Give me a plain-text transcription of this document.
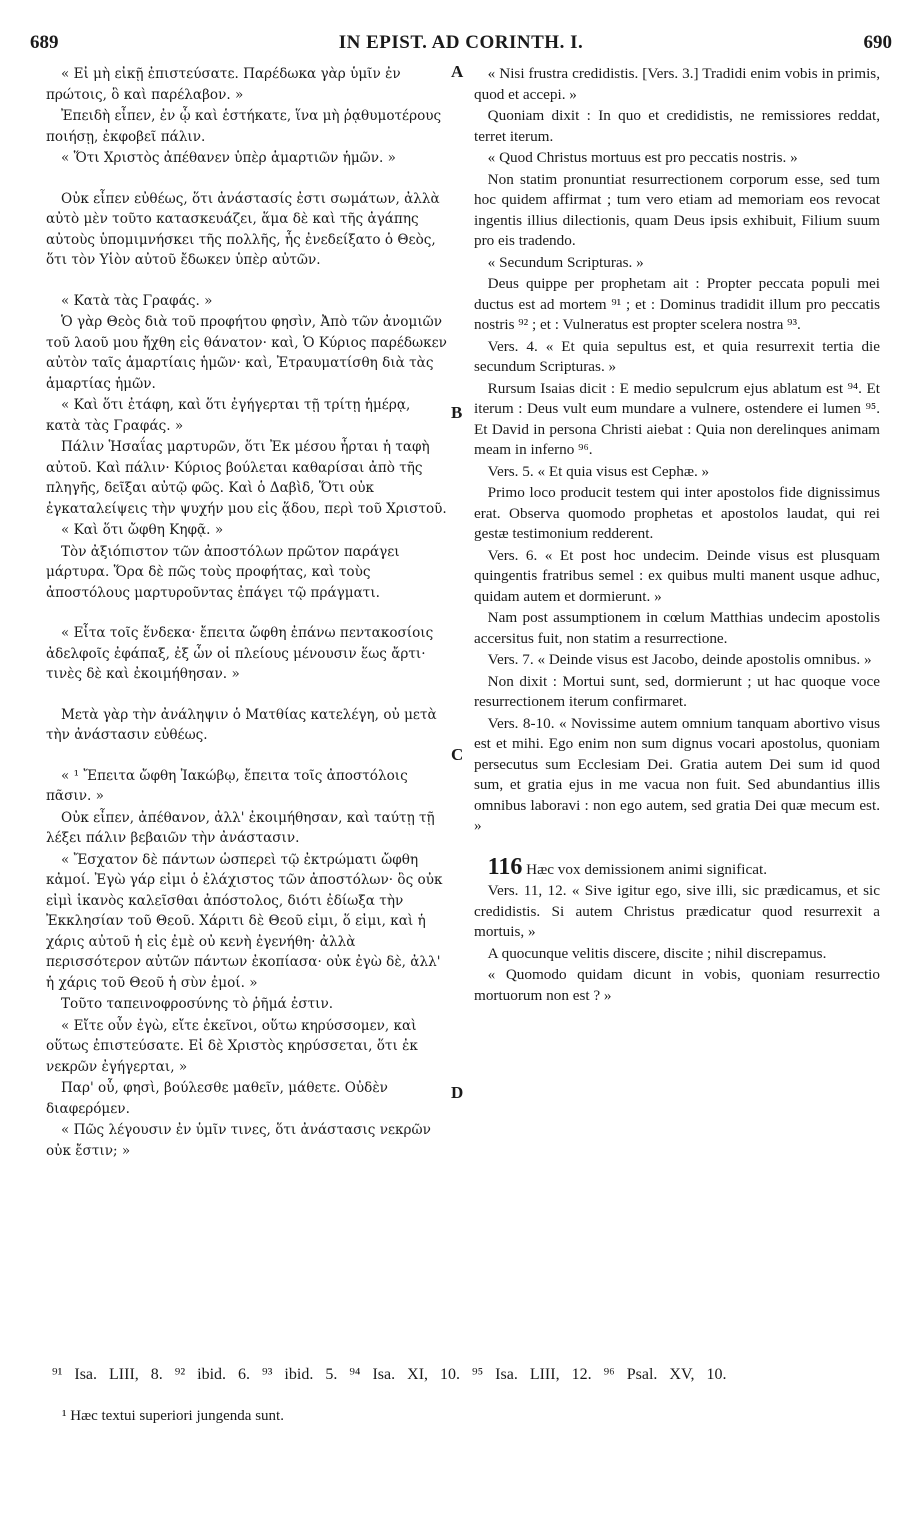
689	IN EPIST. AD CORINTH. I.	690
A
B
C
D

« Εἰ μὴ εἰκῇ ἐπιστεύσατε. Παρέδωκα γὰρ ὑμῖν ἐν πρώτοις, ὃ καὶ παρέλαβον. »

Ἐπειδὴ εἶπεν, ἐν ᾧ καὶ ἑστήκατε, ἵνα μὴ ῥᾳθυμοτέρους ποιήσῃ, ἐκφοβεῖ πάλιν.

« Ὅτι Χριστὸς ἀπέθανεν ὑπὲρ ἁμαρτιῶν ἡμῶν. »

Οὐκ εἶπεν εὐθέως, ὅτι ἀνάστασίς ἐστι σωμάτων, ἀλλὰ αὐτὸ μὲν τοῦτο κατασκευάζει, ἅμα δὲ καὶ τῆς ἀγάπης αὐτοὺς ὑπομιμνήσκει τῆς πολλῆς, ἧς ἐνεδείξατο ὁ Θεὸς, ὅτι τὸν Υἱὸν αὐτοῦ ἔδωκεν ὑπὲρ αὐτῶν.

« Κατὰ τὰς Γραφάς. »

Ὁ γὰρ Θεὸς διὰ τοῦ προφήτου φησὶν, Ἀπὸ τῶν ἀνομιῶν τοῦ λαοῦ μου ἤχθη εἰς θάνατον· καὶ, Ὁ Κύριος παρέδωκεν αὐτὸν ταῖς ἁμαρτίαις ἡμῶν· καὶ, Ἐτραυματίσθη διὰ τὰς ἁμαρτίας ἡμῶν.

« Καὶ ὅτι ἐτάφη, καὶ ὅτι ἐγήγερται τῇ τρίτῃ ἡμέρᾳ, κατὰ τὰς Γραφάς. »

Πάλιν Ἡσαΐας μαρτυρῶν, ὅτι Ἐκ μέσου ἦρται ἡ ταφὴ αὐτοῦ. Καὶ πάλιν· Κύριος βούλεται καθαρίσαι ἀπὸ τῆς πληγῆς, δεῖξαι αὐτῷ φῶς. Καὶ ὁ Δαβὶδ, Ὅτι οὐκ ἐγκαταλείψεις τὴν ψυχήν μου εἰς ᾅδου, περὶ τοῦ Χριστοῦ.

« Καὶ ὅτι ὤφθη Κηφᾷ. »

Τὸν ἀξιόπιστον τῶν ἀποστόλων πρῶτον παράγει μάρτυρα. Ὅρα δὲ πῶς τοὺς προφήτας, καὶ τοὺς ἀποστόλους μαρτυροῦντας ἐπάγει τῷ πράγματι.

« Εἶτα τοῖς ἕνδεκα· ἔπειτα ὤφθη ἐπάνω πεντακοσίοις ἀδελφοῖς ἐφάπαξ, ἐξ ὧν οἱ πλείους μένουσιν ἕως ἄρτι· τινὲς δὲ καὶ ἐκοιμήθησαν. »

Μετὰ γὰρ τὴν ἀνάληψιν ὁ Ματθίας κατελέγη, οὐ μετὰ τὴν ἀνάστασιν εὐθέως.

« ¹ Ἔπειτα ὤφθη Ἰακώβῳ, ἔπειτα τοῖς ἀποστόλοις πᾶσιν. »

Οὐκ εἶπεν, ἀπέθανον, ἀλλ' ἐκοιμήθησαν, καὶ ταύτῃ τῇ λέξει πάλιν βεβαιῶν τὴν ἀνάστασιν.

« Ἔσχατον δὲ πάντων ὡσπερεὶ τῷ ἐκτρώματι ὤφθη κἀμοί. Ἐγὼ γάρ εἰμι ὁ ἐλάχιστος τῶν ἀποστόλων· ὃς οὐκ εἰμὶ ἱκανὸς καλεῖσθαι ἀπόστολος, διότι ἐδίωξα τὴν Ἐκκλησίαν τοῦ Θεοῦ. Χάριτι δὲ Θεοῦ εἰμι, ὅ εἰμι, καὶ ἡ χάρις αὐτοῦ ἡ εἰς ἐμὲ οὐ κενὴ ἐγενήθη· ἀλλὰ περισσότερον αὐτῶν πάντων ἐκοπίασα· οὐκ ἐγὼ δὲ, ἀλλ' ἡ χάρις τοῦ Θεοῦ ἡ σὺν ἐμοί. »

Τοῦτο ταπεινοφροσύνης τὸ ῥῆμά ἐστιν.

« Εἴτε οὖν ἐγὼ, εἴτε ἐκεῖνοι, οὕτω κηρύσσομεν, καὶ οὕτως ἐπιστεύσατε. Εἰ δὲ Χριστὸς κηρύσσεται, ὅτι ἐκ νεκρῶν ἐγήγερται, »

Παρ' οὗ, φησὶ, βούλεσθε μαθεῖν, μάθετε. Οὐδὲν διαφερόμεν.

« Πῶς λέγουσιν ἐν ὑμῖν τινες, ὅτι ἀνάστασις νεκρῶν οὐκ ἔστιν; »

« Nisi frustra credidistis. [Vers. 3.] Tradidi enim vobis in primis, quod et accepi. »

Quoniam dixit : In quo et credidistis, ne remissiores reddat, terret iterum.

« Quod Christus mortuus est pro peccatis nostris. »

Non statim pronuntiat resurrectionem corporum esse, sed tum hoc quidem affirmat ; tum vero etiam ad memoriam eos revocat ingentis illius dilectionis, quam Deus ipsis exhibuit, Filium suum pro eis tradendo.

« Secundum Scripturas. »

Deus quippe per prophetam ait : Propter peccata populi mei ductus est ad mortem ⁹¹ ; et : Dominus tradidit illum pro peccatis nostris ⁹² ; et : Vulneratus est propter scelera nostra ⁹³.

Vers. 4. « Et quia sepultus est, et quia resurrexit tertia die secundum Scripturas. »

Rursum Isaias dicit : E medio sepulcrum ejus ablatum est ⁹⁴. Et iterum : Deus vult eum mundare a vulnere, ostendere ei lumen ⁹⁵. Et David in persona Christi aiebat : Quia non derelinques animam meam in inferno ⁹⁶.

Vers. 5. « Et quia visus est Cephæ. »

Primo loco producit testem qui inter apostolos fide dignissimus erat. Observa quomodo prophetas et apostolos laudat, qui rei gestæ testimonium redderent.

Vers. 6. « Et post hoc undecim. Deinde visus est plusquam quingentis fratribus semel : ex quibus multi manent usque adhuc, quidam autem et dormierunt. »

Nam post assumptionem in cœlum Matthias undecim apostolis accersitus fuit, non statim a resurrectione.

Vers. 7. « Deinde visus est Jacobo, deinde apostolis omnibus. »

Non dixit : Mortui sunt, sed, dormierunt ; ut hac quoque voce resurrectionem iterum confirmaret.

Vers. 8-10. « Novissime autem omnium tanquam abortivo visus est et mihi. Ego enim non sum dignus vocari apostolus, quoniam persecutus sum Ecclesiam Dei. Gratia autem Dei sum id quod sum, et gratia ejus in me vacua non fuit. Sed abundantius illis omnibus laboravi : non ego autem, sed gratia Dei quæ mecum est. »

116 Hæc vox demissionem animi significat.

Vers. 11, 12. « Sive igitur ego, sive illi, sic prædicamus, et sic credidistis. Si autem Christus prædicatur quod resurrexit a mortuis, »

A quocunque velitis discere, discite ; nihil discrepamus.

« Quomodo quidam dicunt in vobis, quoniam resurrectio mortuorum non est ? »

⁹¹ Isa. LIII, 8. ⁹² ibid. 6. ⁹³ ibid. 5. ⁹⁴ Isa. XI, 10. ⁹⁵ Isa. LIII, 12. ⁹⁶ Psal. XV, 10.
¹ Hæc textui superiori jungenda sunt.
